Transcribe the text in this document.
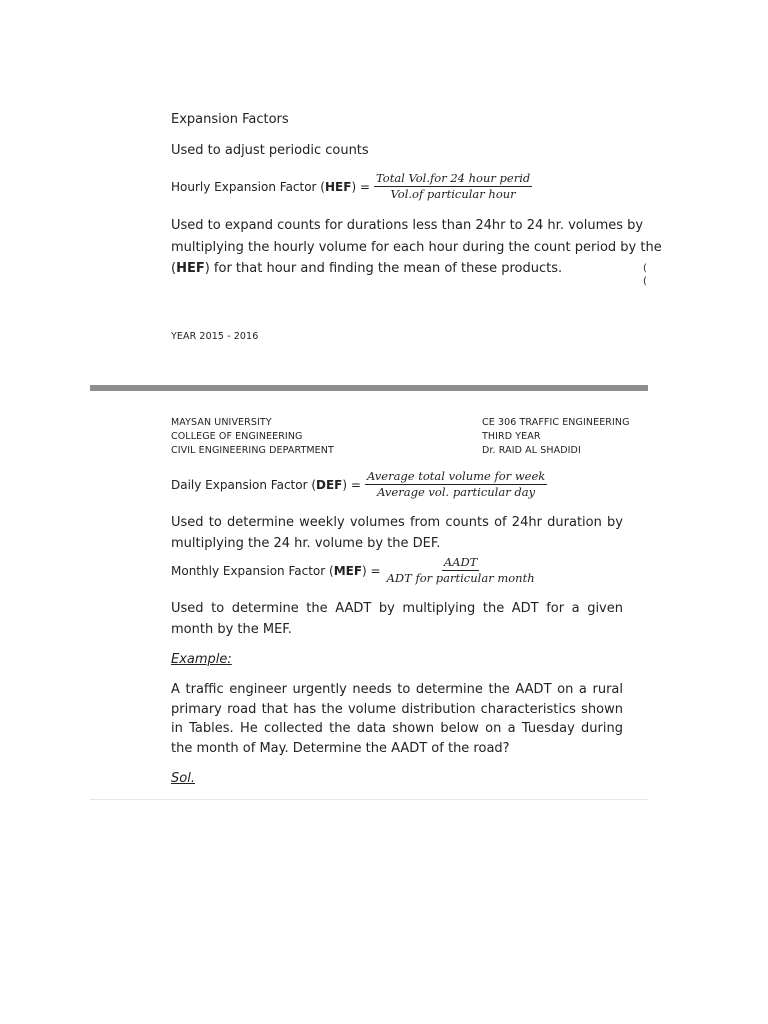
Expansion Factors
Used to adjust periodic counts
Hourly Expansion Factor $(HEF) = \frac{\text{Total Vol.for 24 hour perid}}{\text{Vol.of particular hour}}$
Used to expand counts for durations less than 24hr to 24 hr. volumes by
multiplying the hourly volume for each hour during the count period by the
(HEF) for that hour and finding the mean of these products.	(
(
YEAR 2015 - 2016
MAYSAN UNIVERSITY
COLLEGE OF ENGINEERING
CIVIL ENGINEERING DEPARTMENT
CE 306 TRAFFIC ENGINEERING
THIRD YEAR
Dr. RAID AL SHADIDI
Daily Expansion Factor $(DEF) = \frac{\text{Average total volume for week}}{\text{Average vol. particular day}}$
Used to determine weekly volumes from counts of 24hr duration by multiplying the 24 hr. volume by the DEF.
Monthly Expansion Factor $(MEF) = \frac{\text{AADT}}{\text{ADT for particular month}}$
Used to determine the AADT by multiplying the ADT for a given month by the MEF.
Example:
A traffic engineer urgently needs to determine the AADT on a rural primary road that has the volume distribution characteristics shown in Tables. He collected the data shown below on a Tuesday during the month of May. Determine the AADT of the road?
Sol.
